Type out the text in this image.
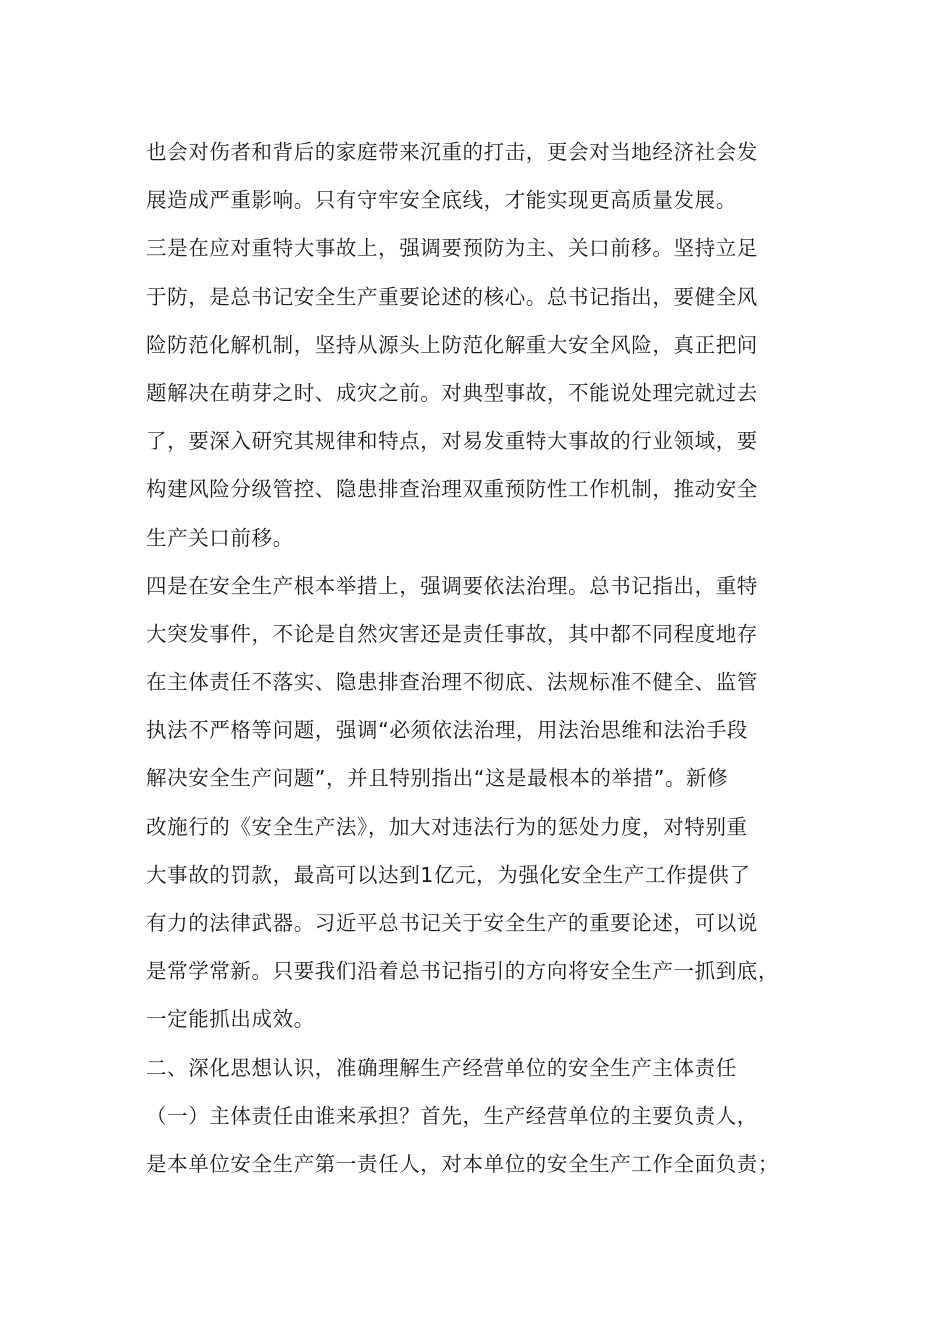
也会对伤者和背后的家庭带来沉重的打击，更会对当地经济社会发
展造成严重影响。只有守牢安全底线，才能实现更高质量发展。
三是在应对重特大事故上，强调要预防为主、关口前移。坚持立足
于防，是总书记安全生产重要论述的核心。总书记指出，要健全风
险防范化解机制，坚持从源头上防范化解重大安全风险，真正把问
题解决在萌芽之时、成灾之前。对典型事故，不能说处理完就过去
了，要深入研究其规律和特点，对易发重特大事故的行业领域，要
构建风险分级管控、隐患排查治理双重预防性工作机制，推动安全
生产关口前移。
四是在安全生产根本举措上，强调要依法治理。总书记指出，重特
大突发事件，不论是自然灾害还是责任事故，其中都不同程度地存
在主体责任不落实、隐患排查治理不彻底、法规标准不健全、监管
执法不严格等问题，强调“必须依法治理，用法治思维和法治手段
解决安全生产问题”，并且特别指出“这是最根本的举措”。新修
改施行的《安全生产法》，加大对违法行为的惩处力度，对特别重
大事故的罚款，最高可以达到1亿元，为强化安全生产工作提供了
有力的法律武器。习近平总书记关于安全生产的重要论述，可以说
是常学常新。只要我们沿着总书记指引的方向将安全生产一抓到底，
一定能抓出成效。
二、深化思想认识，准确理解生产经营单位的安全生产主体责任
（一）主体责任由谁来承担？首先，生产经营单位的主要负责人，
是本单位安全生产第一责任人，对本单位的安全生产工作全面负责；
